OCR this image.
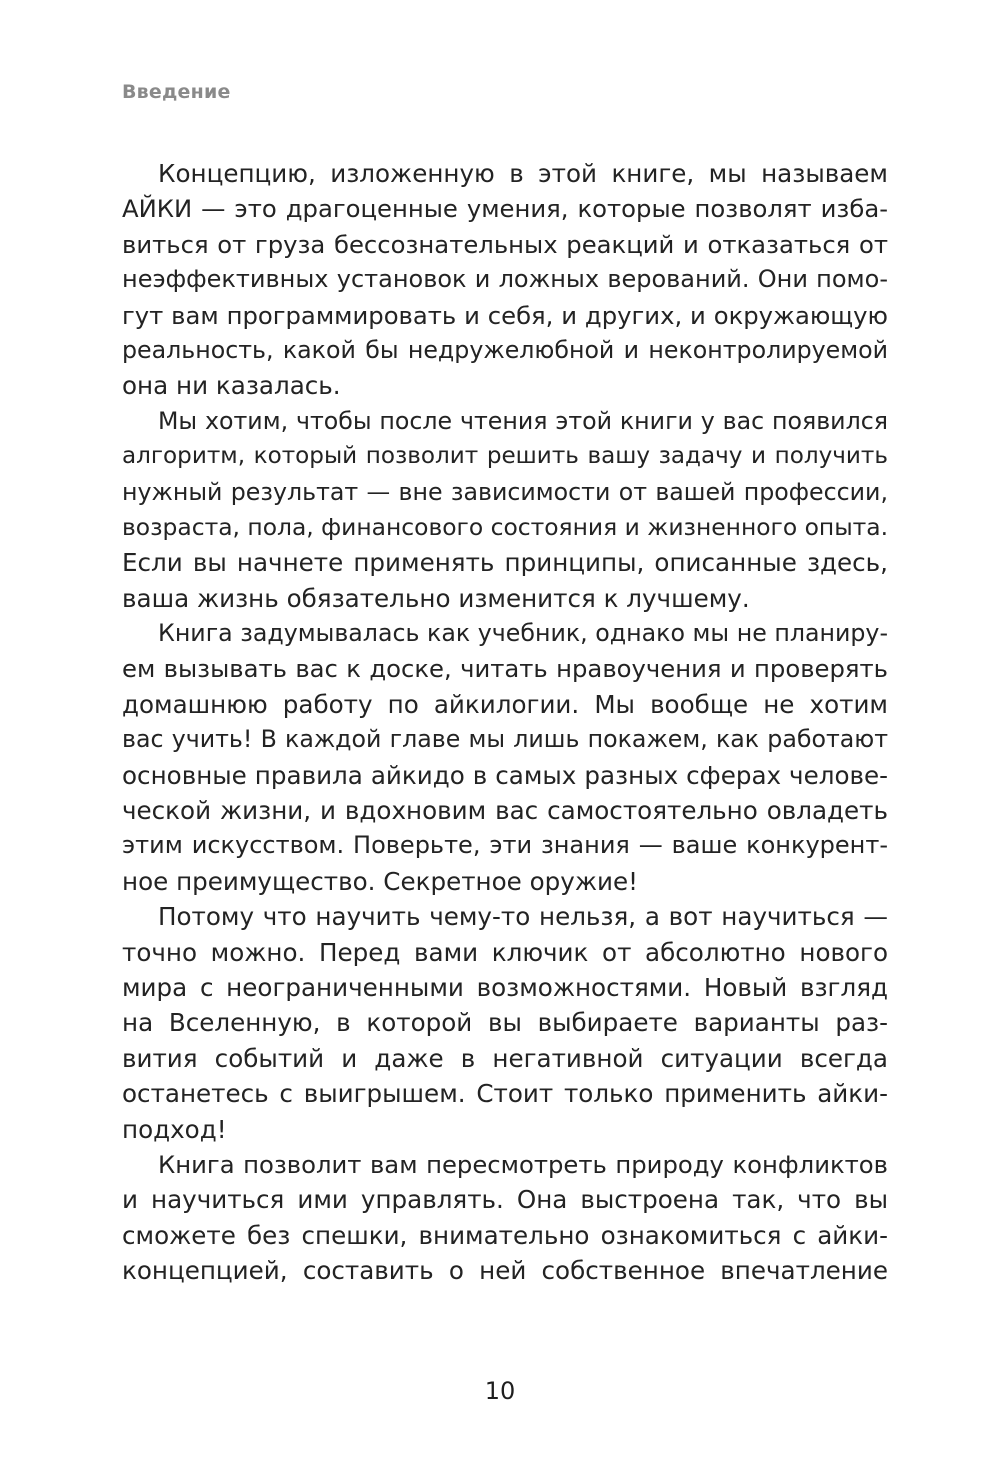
Введение
Концепцию, изложенную в этой книге, мы называем
АЙКИ — это драгоценные умения, которые позволят изба-
виться от груза бессознательных реакций и отказаться от
неэффективных установок и ложных верований. Они помо-
гут вам программировать и себя, и других, и окружающую
реальность, какой бы недружелюбной и неконтролируемой
она ни казалась.
Мы хотим, чтобы после чтения этой книги у вас появился
алгоритм, который позволит решить вашу задачу и получить
нужный результат — вне зависимости от вашей профессии,
возраста, пола, финансового состояния и жизненного опыта.
Если вы начнете применять принципы, описанные здесь,
ваша жизнь обязательно изменится к лучшему.
Книга задумывалась как учебник, однако мы не планиру-
ем вызывать вас к доске, читать нравоучения и проверять
домашнюю работу по айкилогии. Мы вообще не хотим
вас учить! В каждой главе мы лишь покажем, как работают
основные правила айкидо в самых разных сферах челове-
ческой жизни, и вдохновим вас самостоятельно овладеть
этим искусством. Поверьте, эти знания — ваше конкурент-
ное преимущество. Секретное оружие!
Потому что научить чему-то нельзя, а вот научиться —
точно можно. Перед вами ключик от абсолютно нового
мира с неограниченными возможностями. Новый взгляд
на Вселенную, в которой вы выбираете варианты раз-
вития событий и даже в негативной ситуации всегда
останетесь с выигрышем. Стоит только применить айки-
подход!
Книга позволит вам пересмотреть природу конфликтов
и научиться ими управлять. Она выстроена так, что вы
сможете без спешки, внимательно ознакомиться с айки-
концепцией, составить о ней собственное впечатление
10
